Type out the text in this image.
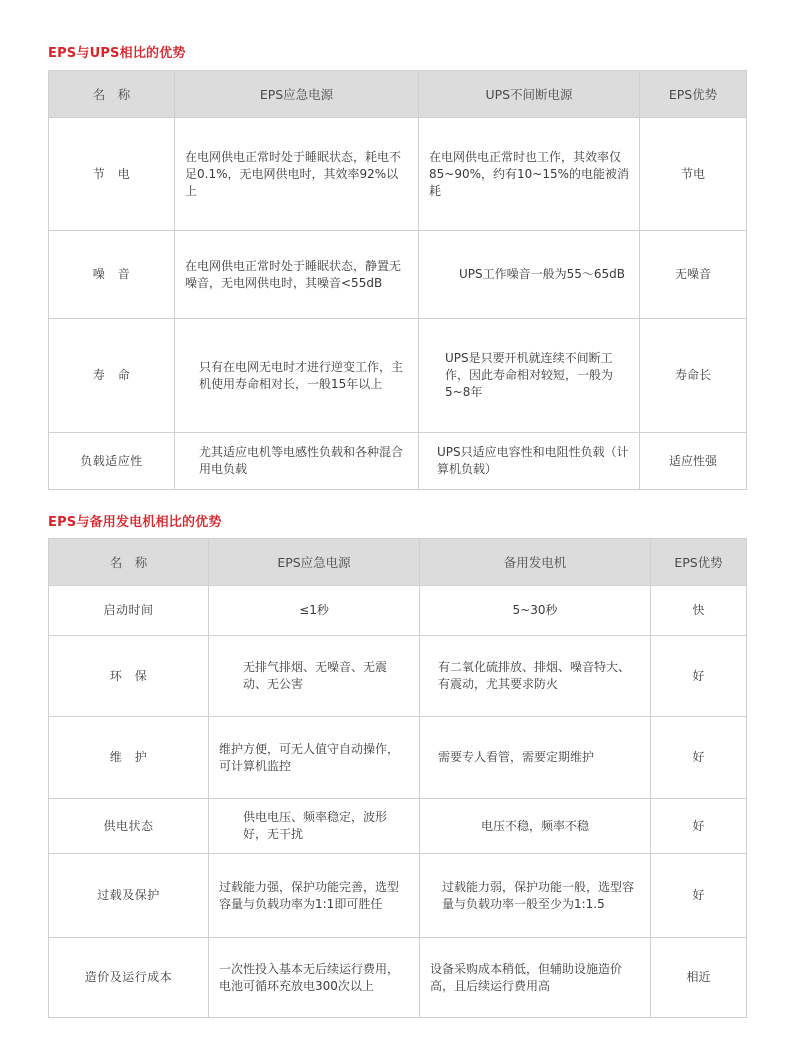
EPS与UPS相比的优势
名　称	EPS应急电源	UPS不间断电源	EPS优势
节　电	在电网供电正常时处于睡眠状态，耗电不足0.1%，无电网供电时，其效率92%以上	在电网供电正常时也工作，其效率仅85~90%，约有10~15%的电能被消耗	节电
噪　音	在电网供电正常时处于睡眠状态，静置无噪音，无电网供电时，其噪音<55dB	UPS工作噪音一般为55〜65dB	无噪音
寿　命	只有在电网无电时才进行逆变工作，主机使用寿命相对长，一般15年以上	UPS是只要开机就连续不间断工作，因此寿命相对较短，一般为5~8年	寿命长
负载适应性	尤其适应电机等电感性负载和各种混合用电负载	UPS只适应电容性和电阻性负载（计算机负载）	适应性强
EPS与备用发电机相比的优势
名　称	EPS应急电源	备用发电机	EPS优势
启动时间	≤1秒	5~30秒	快
环　保	无排气排烟、无噪音、无震动、无公害	有二氧化硫排放、排烟、噪音特大、有震动，尤其要求防火	好
维　护	维护方便，可无人值守自动操作，可计算机监控	需要专人看管，需要定期维护	好
供电状态	供电电压、频率稳定，波形好，无干扰	电压不稳，频率不稳	好
过载及保护	过载能力强，保护功能完善，选型容量与负载功率为1:1即可胜任	过载能力弱，保护功能一般，选型容量与负载功率一般至少为1:1.5	好
造价及运行成本	一次性投入基本无后续运行费用，电池可循环充放电300次以上	设备采购成本稍低，但辅助设施造价高，且后续运行费用高	相近
